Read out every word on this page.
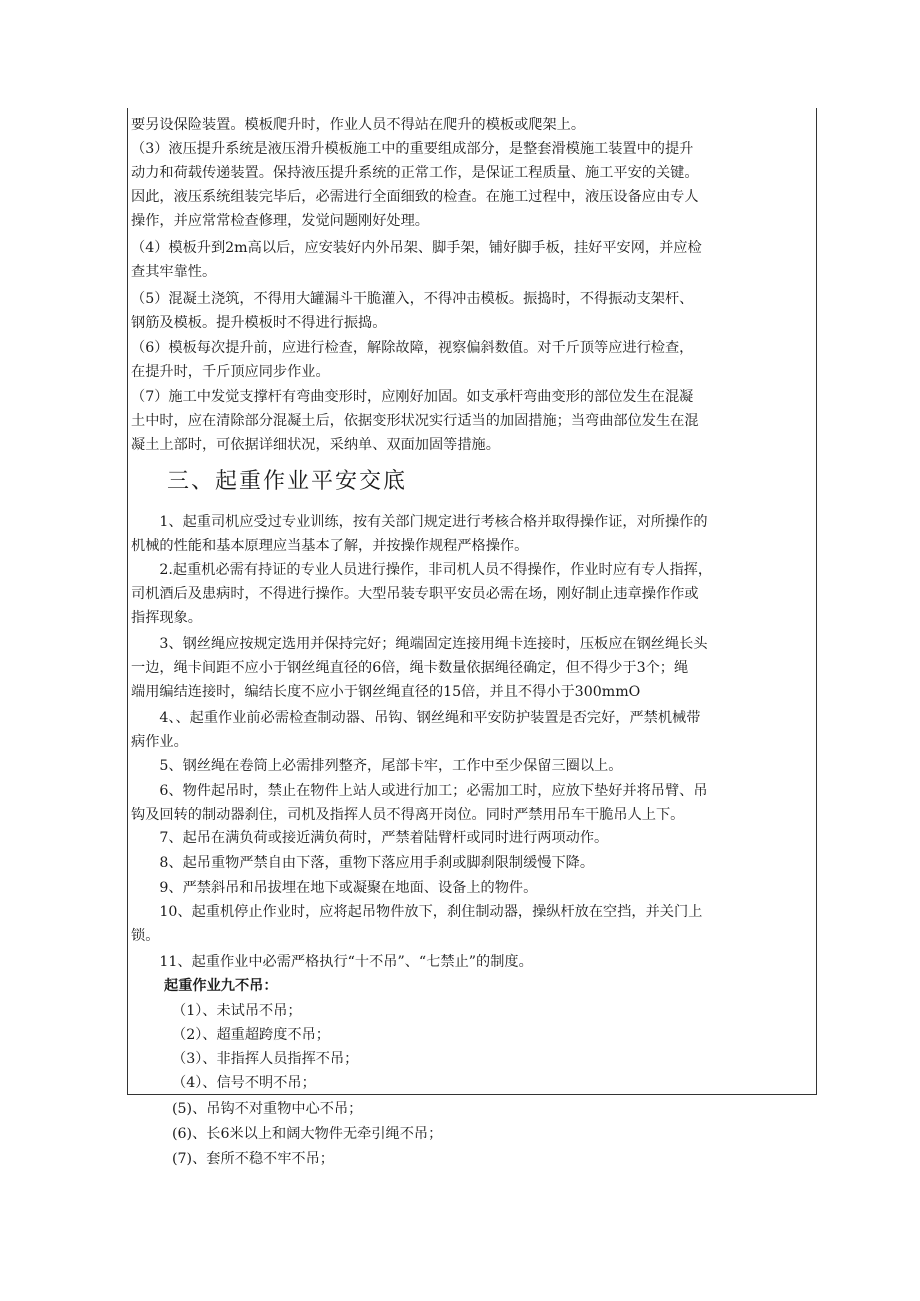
要另设保险装置。模板爬升时，作业人员不得站在爬升的模板或爬架上。
（3）液压提升系统是液压滑升模板施工中的重要组成部分，是整套滑模施工装置中的提升
动力和荷载传递装置。保持液压提升系统的正常工作，是保证工程质量、施工平安的关键。
因此，液压系统组装完毕后，必需进行全面细致的检查。在施工过程中，液压设备应由专人
操作，并应常常检查修理，发觉问题刚好处理。
（4）模板升到2m高以后，应安装好内外吊架、脚手架，铺好脚手板，挂好平安网，并应检
查其牢靠性。
（5）混凝土浇筑，不得用大罐漏斗干脆灌入，不得冲击模板。振捣时，不得振动支架杆、
钢筋及模板。提升模板时不得进行振捣。
（6）模板每次提升前，应进行检查，解除故障，视察偏斜数值。对千斤顶等应进行检查，
在提升时，千斤顶应同步作业。
（7）施工中发觉支撑杆有弯曲变形时，应刚好加固。如支承杆弯曲变形的部位发生在混凝
土中时，应在清除部分混凝土后，依据变形状况实行适当的加固措施；当弯曲部位发生在混
凝土上部时，可依据详细状况，采纳单、双面加固等措施。
三、起重作业平安交底
　　1、起重司机应受过专业训练，按有关部门规定进行考核合格并取得操作证，对所操作的
机械的性能和基本原理应当基本了解，并按操作规程严格操作。
　　2.起重机必需有持证的专业人员进行操作，非司机人员不得操作，作业时应有专人指挥，
司机酒后及患病时，不得进行操作。大型吊装专职平安员必需在场，刚好制止违章操作作或
指挥现象。
　　3、钢丝绳应按规定选用并保持完好；绳端固定连接用绳卡连接时，压板应在钢丝绳长头
一边，绳卡间距不应小于钢丝绳直径的6倍，绳卡数量依据绳径确定，但不得少于3个；绳
端用编结连接时，编结长度不应小于钢丝绳直径的15倍，并且不得小于300mmO
　　4、、起重作业前必需检查制动器、吊钩、钢丝绳和平安防护装置是否完好，严禁机械带
病作业。
　　5、钢丝绳在卷筒上必需排列整齐，尾部卡牢，工作中至少保留三圈以上。
　　6、物件起吊时，禁止在物件上站人或进行加工；必需加工时，应放下垫好并将吊臂、吊
钩及回转的制动器刹住，司机及指挥人员不得离开岗位。同时严禁用吊车干脆吊人上下。
　　7、起吊在满负荷或接近满负荷时，严禁着陆臂杆或同时进行两项动作。
　　8、起吊重物严禁自由下落，重物下落应用手刹或脚刹限制缓慢下降。
　　9、严禁斜吊和吊拔埋在地下或凝聚在地面、设备上的物件。
　　10、起重机停止作业时，应将起吊物件放下，刹住制动器，操纵杆放在空挡，并关门上
锁。
　　11、起重作业中必需严格执行“十不吊”、“七禁止”的制度。
起重作业九不吊：
（1）、未试吊不吊；
（2）、超重超跨度不吊；
（3）、非指挥人员指挥不吊；
（4）、信号不明不吊；
(5)、吊钩不对重物中心不吊；
(6)、长6米以上和阔大物件无牵引绳不吊；
(7)、套所不稳不牢不吊；
